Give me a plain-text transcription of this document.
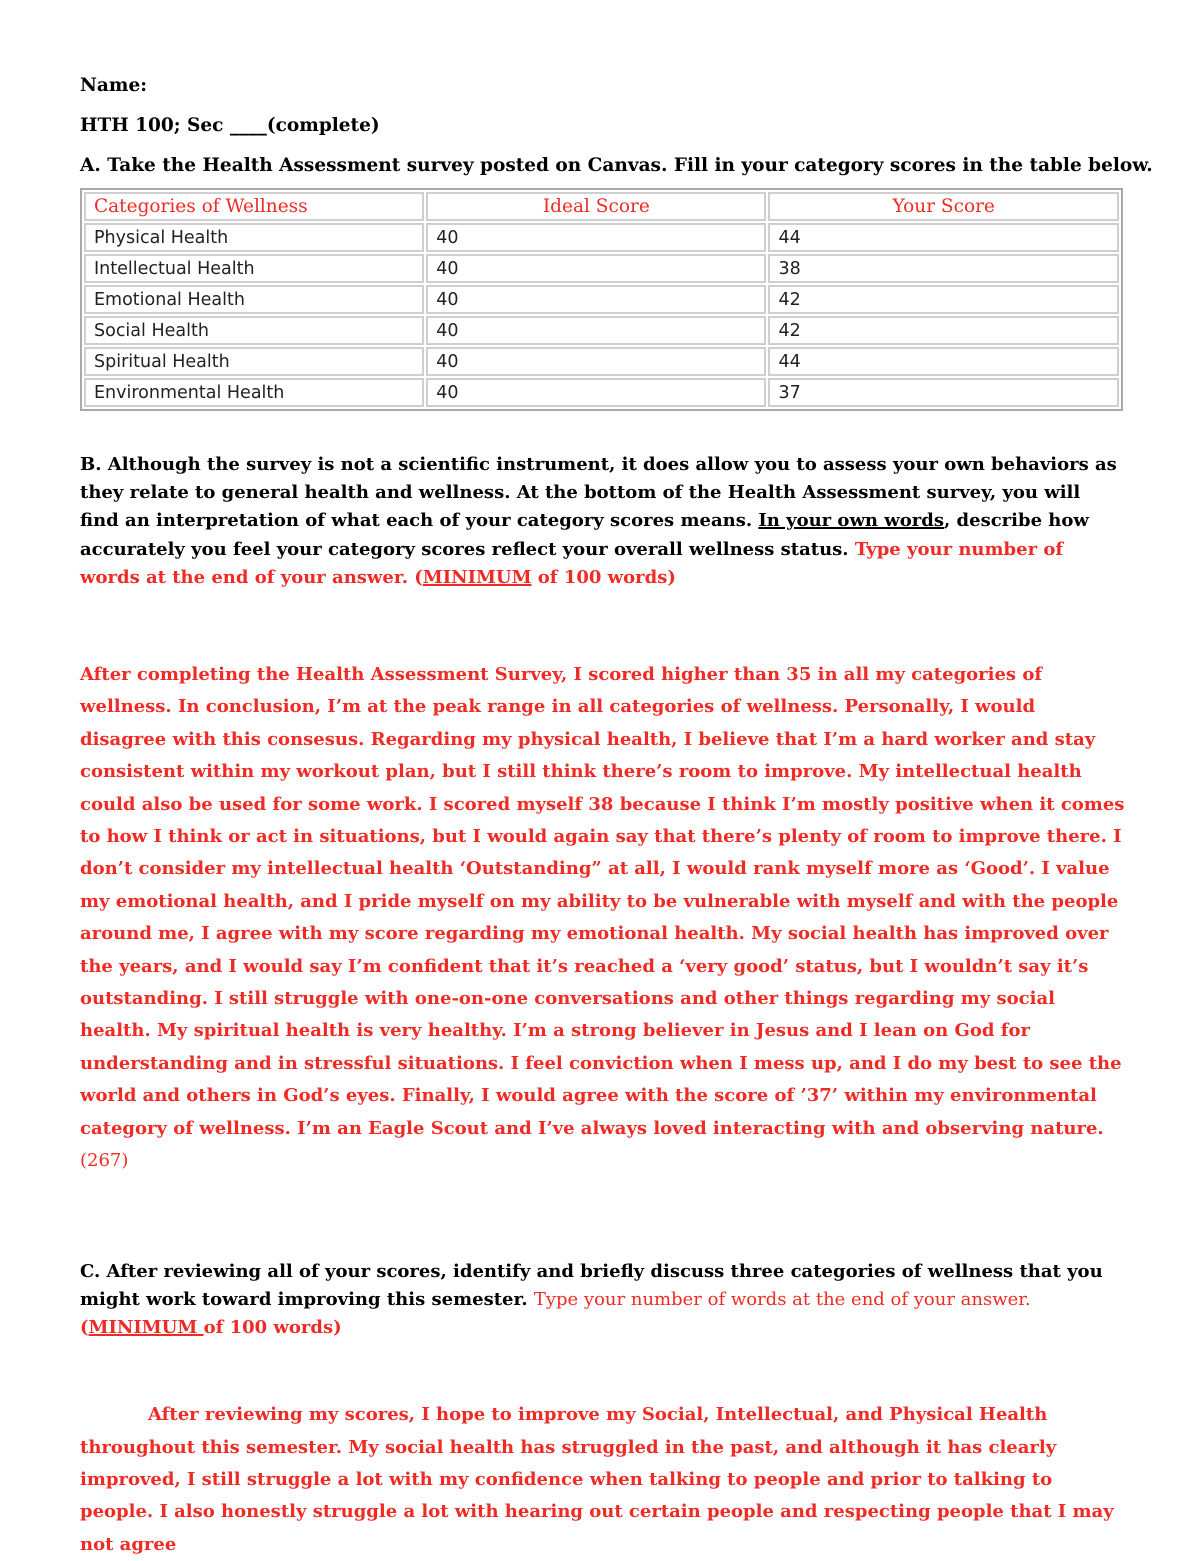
Name:
HTH 100; Sec ____(complete)
A. Take the Health Assessment survey posted on Canvas. Fill in your category scores in the table below.
Categories of Wellness	Ideal Score	Your Score
Physical Health	40	44
Intellectual Health	40	38
Emotional Health	40	42
Social Health	40	42
Spiritual Health	40	44
Environmental Health	40	37

B. Although the survey is not a scientific instrument, it does allow you to assess your own behaviors as they relate to general health and wellness. At the bottom of the Health Assessment survey, you will find an interpretation of what each of your category scores means. In your own words, describe how accurately you feel your category scores reflect your overall wellness status. Type your number of words at the end of your answer. (MINIMUM of 100 words)

After completing the Health Assessment Survey, I scored higher than 35 in all my categories of wellness. In conclusion, I’m at the peak range in all categories of wellness. Personally, I would disagree with this consesus. Regarding my physical health, I believe that I’m a hard worker and stay consistent within my workout plan, but I still think there’s room to improve. My intellectual health could also be used for some work. I scored myself 38 because I think I’m mostly positive when it comes to how I think or act in situations, but I would again say that there’s plenty of room to improve there. I don’t consider my intellectual health ‘Outstanding” at all, I would rank myself more as ‘Good’. I value my emotional health, and I pride myself on my ability to be vulnerable with myself and with the people around me, I agree with my score regarding my emotional health. My social health has improved over the years, and I would say I’m confident that it’s reached a ‘very good’ status, but I wouldn’t say it’s outstanding. I still struggle with one-on-one conversations and other things regarding my social health. My spiritual health is very healthy. I’m a strong believer in Jesus and I lean on God for understanding and in stressful situations. I feel conviction when I mess up, and I do my best to see the world and others in God’s eyes. Finally, I would agree with the score of ’37’ within my environmental category of wellness. I’m an Eagle Scout and I’ve always loved interacting with and observing nature. (267)

C. After reviewing all of your scores, identify and briefly discuss three categories of wellness that you might work toward improving this semester. Type your number of words at the end of your answer.

(MINIMUM of 100 words)

After reviewing my scores, I hope to improve my Social, Intellectual, and Physical Health throughout this semester. My social health has struggled in the past, and although it has clearly improved, I still struggle a lot with my confidence when talking to people and prior to talking to people. I also honestly struggle a lot with hearing out certain people and respecting people that I may not agree
